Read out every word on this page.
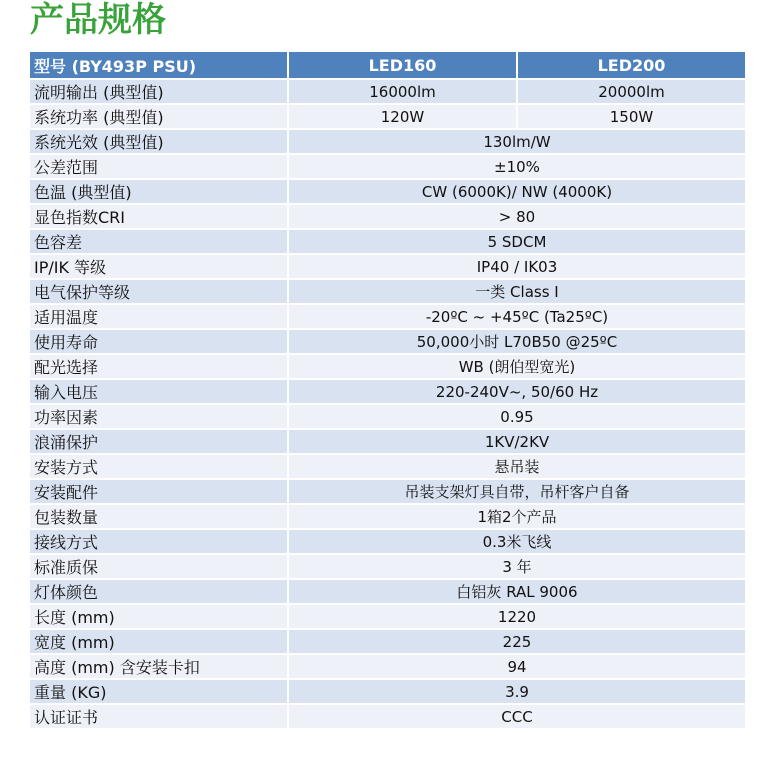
产品规格
型号 (BY493P PSU)	LED160	LED200
流明输出 (典型值)	16000lm	20000lm
系统功率 (典型值)	120W	150W
系统光效 (典型值)	130lm/W	
公差范围	±10%	
色温 (典型值)	CW (6000K)/ NW (4000K)	
显色指数CRI	> 80	
色容差	5 SDCM	
IP/IK 等级	IP40 / IK03	
电气保护等级	一类 Class I	
适用温度	-20ºC ~ +45ºC (Ta25ºC)	
使用寿命	50,000小时 L70B50 @25ºC	
配光选择	WB (朗伯型宽光)	
输入电压	220-240V~, 50/60 Hz	
功率因素	0.95	
浪涌保护	1KV/2KV	
安装方式	悬吊装	
安装配件	吊装支架灯具自带，吊杆客户自备	
包装数量	1箱2个产品	
接线方式	0.3米飞线	
标准质保	3 年	
灯体颜色	白铝灰 RAL 9006	
长度 (mm)	1220	
宽度 (mm)	225	
高度 (mm) 含安装卡扣	94	
重量 (KG)	3.9	
认证证书	CCC	
